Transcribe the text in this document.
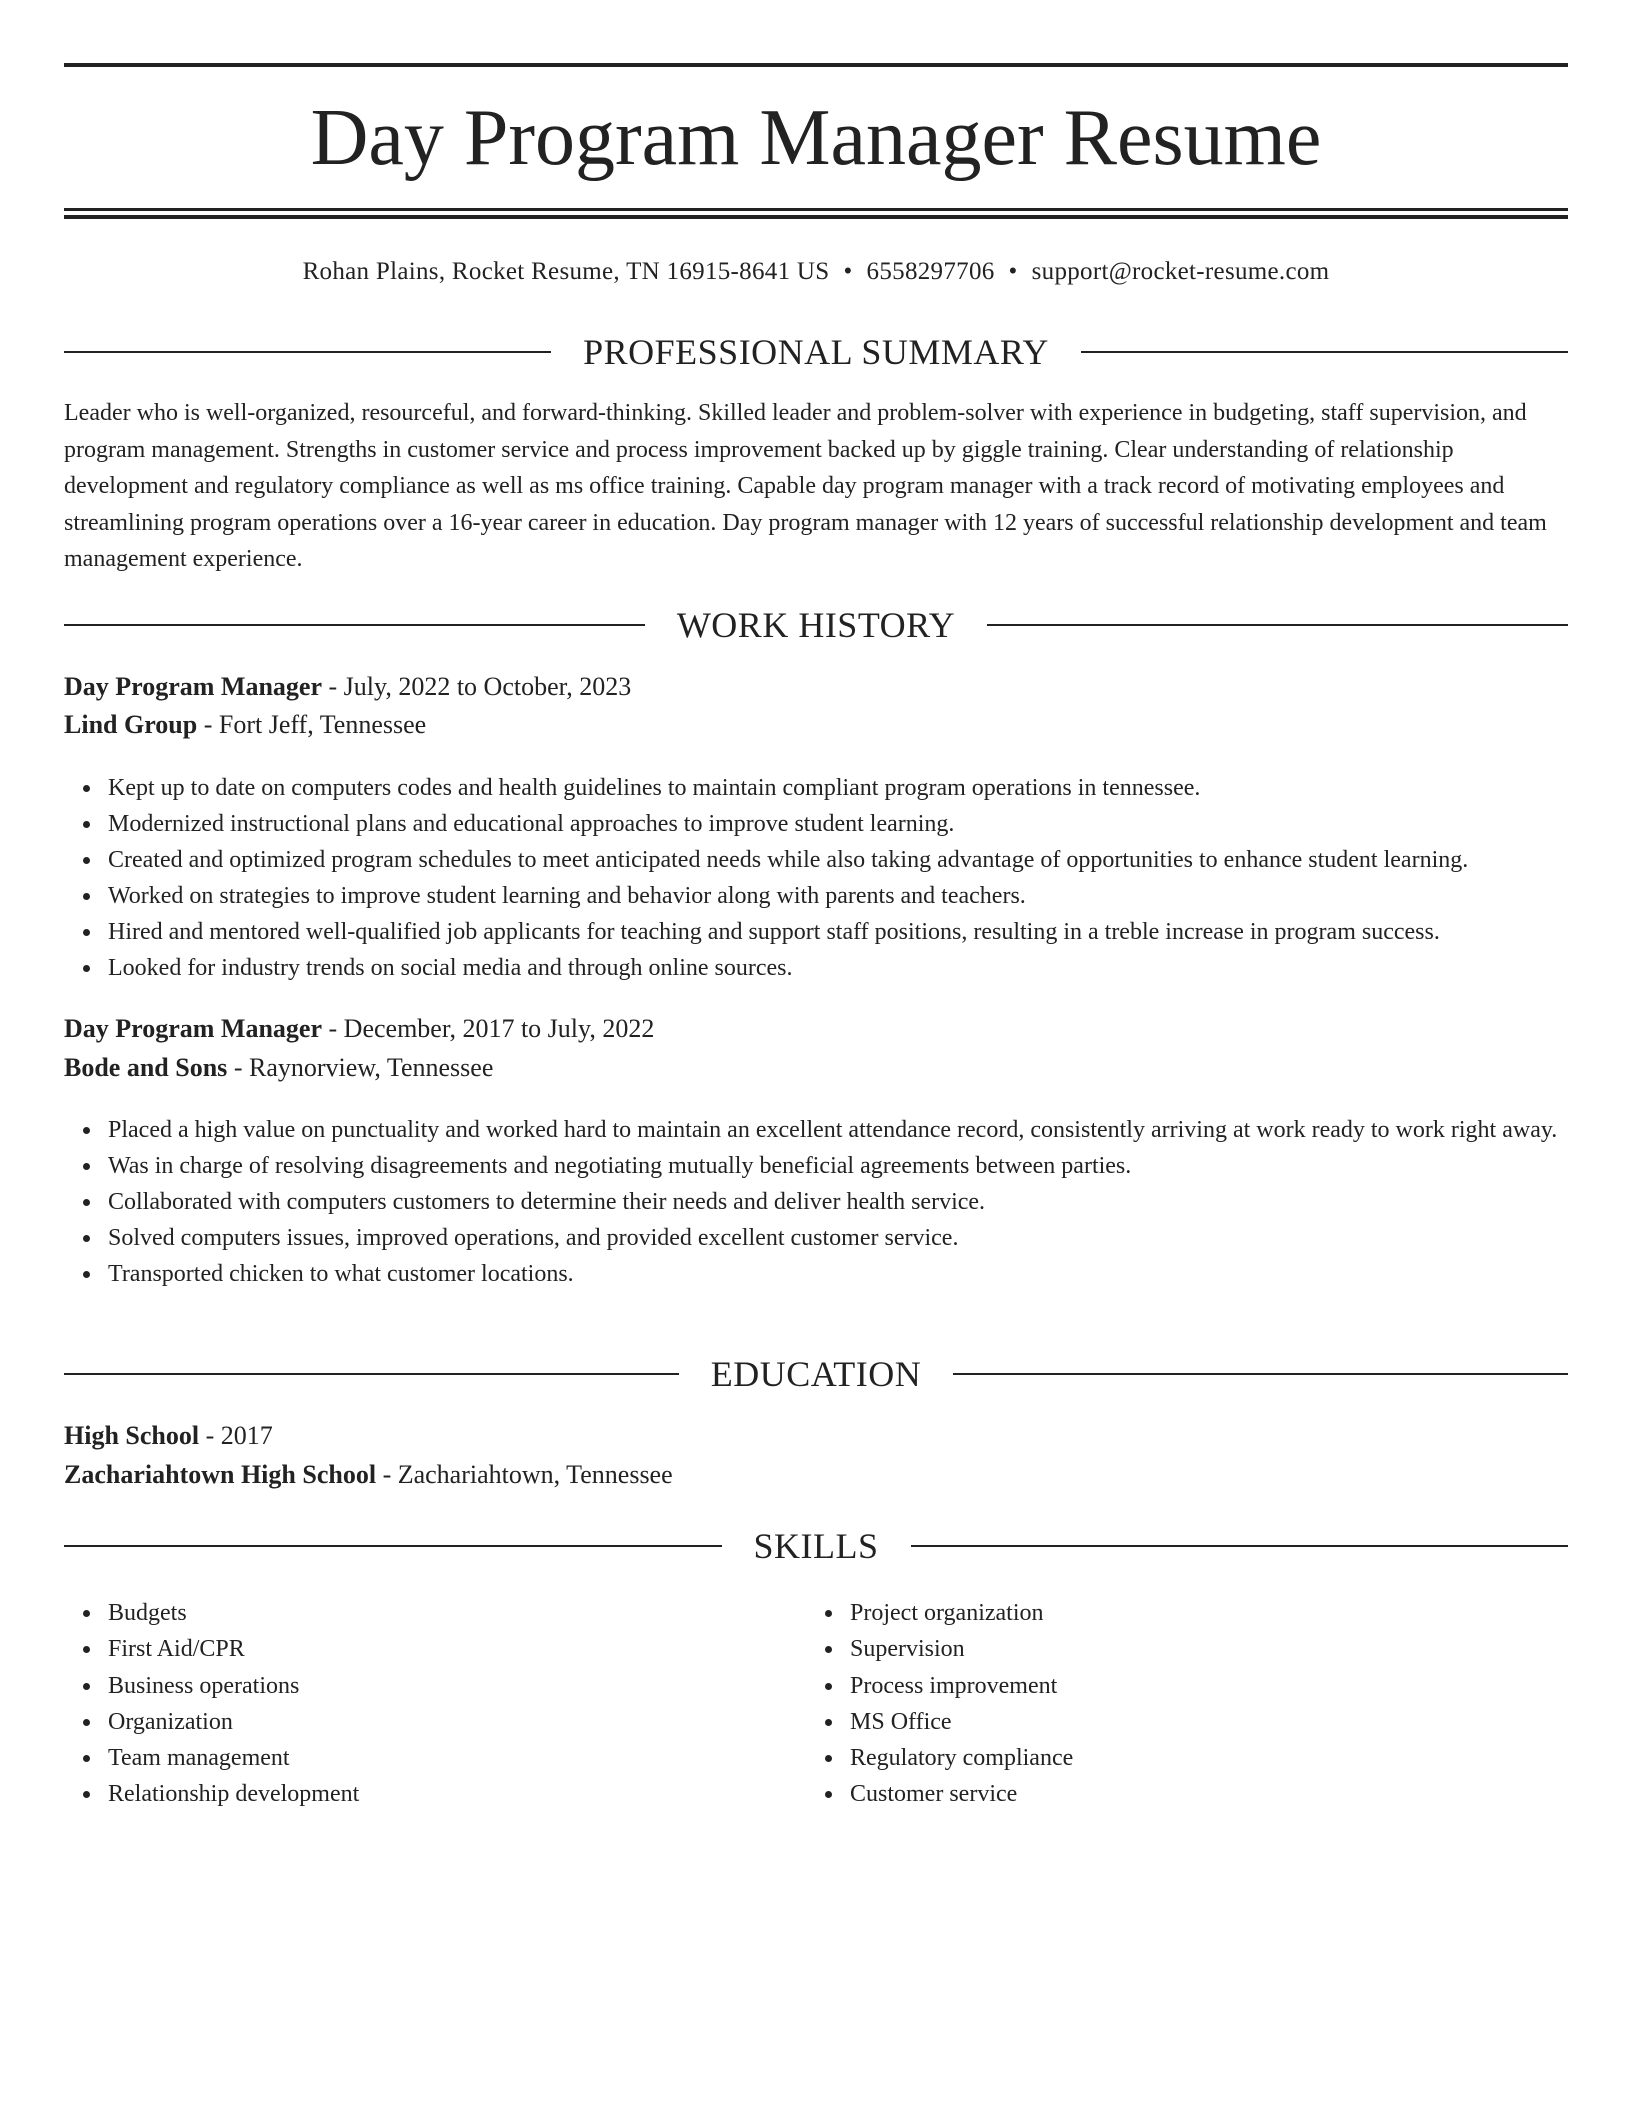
Day Program Manager Resume
Rohan Plains, Rocket Resume, TN 16915-8641 US • 6558297706 • support@rocket-resume.com
PROFESSIONAL SUMMARY

Leader who is well-organized, resourceful, and forward-thinking. Skilled leader and problem-solver with experience in budgeting, staff supervision, and program management. Strengths in customer service and process improvement backed up by giggle training. Clear understanding of relationship development and regulatory compliance as well as ms office training. Capable day program manager with a track record of motivating employees and streamlining program operations over a 16-year career in education. Day program manager with 12 years of successful relationship development and team management experience.

WORK HISTORY
Day Program Manager - July, 2022 to October, 2023
Lind Group - Fort Jeff, Tennessee
Kept up to date on computers codes and health guidelines to maintain compliant program operations in tennessee.
Modernized instructional plans and educational approaches to improve student learning.
Created and optimized program schedules to meet anticipated needs while also taking advantage of opportunities to enhance student learning.
Worked on strategies to improve student learning and behavior along with parents and teachers.
Hired and mentored well-qualified job applicants for teaching and support staff positions, resulting in a treble increase in program success.
Looked for industry trends on social media and through online sources.
Day Program Manager - December, 2017 to July, 2022
Bode and Sons - Raynorview, Tennessee
Placed a high value on punctuality and worked hard to maintain an excellent attendance record, consistently arriving at work ready to work right away.
Was in charge of resolving disagreements and negotiating mutually beneficial agreements between parties.
Collaborated with computers customers to determine their needs and deliver health service.
Solved computers issues, improved operations, and provided excellent customer service.
Transported chicken to what customer locations.
EDUCATION
High School - 2017
Zachariahtown High School - Zachariahtown, Tennessee
SKILLS
Budgets
First Aid/CPR
Business operations
Organization
Team management
Relationship development
Project organization
Supervision
Process improvement
MS Office
Regulatory compliance
Customer service
